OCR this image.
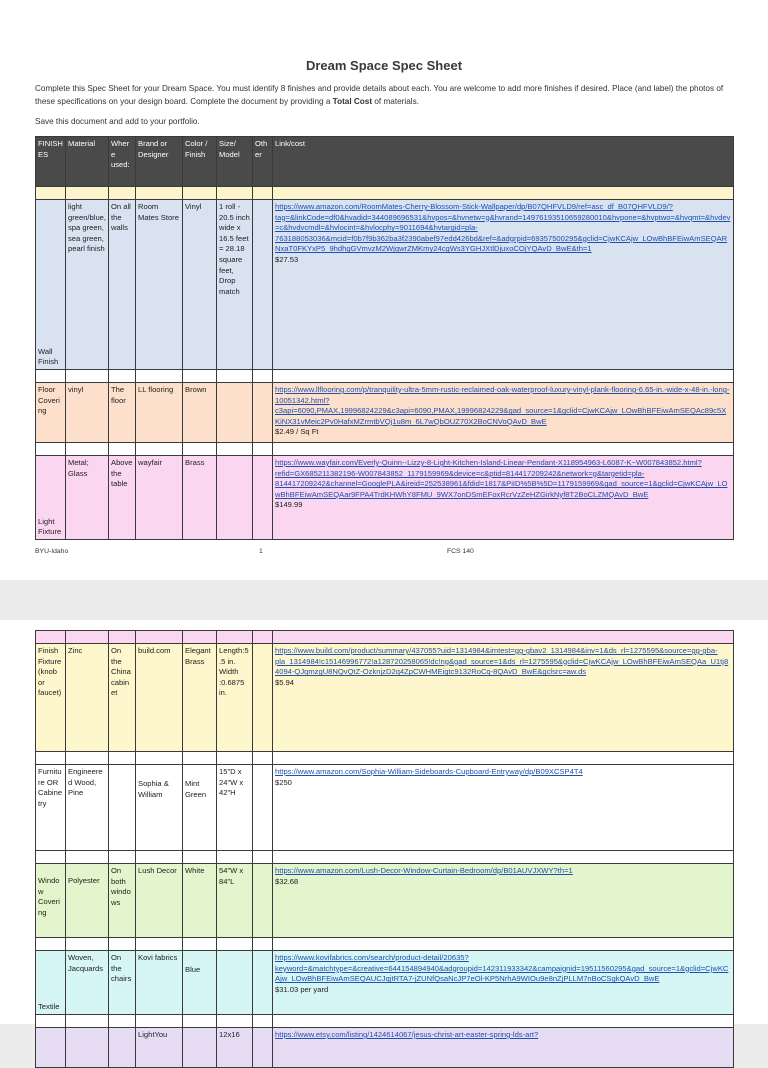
Dream Space Spec Sheet
Complete this Spec Sheet for your Dream Space. You must identify 8 finishes and provide details about each. You are welcome to add more finishes if desired. Place (and label) the photos of these specifications on your design board. Complete the document by providing a Total Cost of materials.
Save this document and add to your portfolio.
FINISHES	Material	Where used:	Brand or Designer	Color / Finish	Size/ Model	Other	Link/cost

Wall Finish	light green/blue, spa green, sea green, pearl finish	On all the walls	Room Mates Store	Vinyl	1 roll - 20.5 inch wide x 16.5 feet = 28.18 square feet, Drop match		https://www.amazon.com/RoomMates-Cherry-Blossom-Stick-Wallpaper/dp/B07QHFVLD9/ref=asc_df_B07QHFVLD9/?tag=&linkCode=df0&hvadid=344089696531&hvpos=&hvnetw=g&hvrand=14976193510659280010&hvpone=&hvptwo=&hvqmt=&hvdev=c&hvdvcmdl=&hvlocint=&hvlocphy=9011694&hvtargid=pla-763188053036&mcid=f0b7f9b362ba3f2390abef97edd426bd&ref=&adgrpid=69357500295&gclid=CjwKCAjw_LOwBhBFEiwAmSEQARNxaT0FKYxP5_9hdhgGVmvzM2WjqwrZMKmy24cgWs3YGHJXtlDjuxoCOjYQAvD_BwE&th=1
$27.53

Floor Covering	vinyl	The floor	LL flooring	Brown			https://www.llflooring.com/p/tranquility-ultra-5mm-rustic-reclaimed-oak-waterproof-luxury-vinyl-plank-flooring-6.65-in.-wide-x-48-in.-long-10051342.html?c3api=6090,PMAX,19996824229&c3api=6090,PMAX,19996824229&gad_source=1&gclid=CjwKCAjw_LOwBhBFEiwAmSEQAc89c5XKiNX31vMeic2Pv0HafxMZrmtbVQj1u8m_6L7wQbOUZ70X2BoCNVoQAvD_BwE
$2.49 / Sq Ft

Light Fixture	Metal; Glass	Above the table	wayfair	Brass			https://www.wayfair.com/Everly-Quinn--Lizzy-8-Light-Kitchen-Island-Linear-Pendant-X118954963-L6087-K~W007843852.html?refid=GX685211382196-W007843852_1179159969&device=c&ptid=814417209242&network=g&targetid=pla-814417209242&channel=GooglePLA&ireid=252538961&fdid=1817&PiID%5B%5D=1179159969&gad_source=1&gclid=CjwKCAjw_LOwBhBFEiwAmSEQAar9FPA4TrdKHWhY8FMU_9WX7onDSmEFoxRcrVzZeHZGirkNyf8T2BoCLZMQAvD_BwE
$149.99
BYU-Idaho	1	FCS 140

Finish Fixture (knob or faucet)	Zinc	On the China cabinet	build.com	Elegant Brass	Length:5.5 in. Width :0.6875 in.		https://www.build.com/product/summary/437055?uid=1314984&imtest=gg-gbav2_1314984&inv=1&ds_rl=1275595&source=gg-gba-pla_1314984!c15146996772!a128720258065!dc!ng&gad_source=1&ds_rl=1275595&gclid=CjwKCAjw_LOwBhBFEiwAmSEQAa_U1tj84094-QJqmzgU8NQvQtZ-OzknjzD2q4ZpCWHMEigtc9132RoCq-8QAvD_BwE&gclsrc=aw.ds
$5.94

Furniture OR Cabinetry	Engineered Wood, Pine		Sophia & William	Mint Green	15"D x 24"W x 42"H		https://www.amazon.com/Sophia-William-Sideboards-Cupboard-Entryway/dp/B09XCSP4T4
$250

Window Covering	Polyester	On both windows	Lush Decor	White	54"W x 84"L		https://www.amazon.com/Lush-Decor-Window-Curtain-Bedroom/dp/B01AUVJXWY?th=1
$32.68

Textile	Woven, Jacquards	On the chairs	Kovi fabrics	Blue			https://www.kovifabrics.com/search/product-detail/20635?keyword=&matchtype=&creative=644154894940&adgroupid=142311933342&campaignid=19511560295&gad_source=1&gclid=CjwKCAjw_LOwBhBFEiwAmSEQAUCJqjtRTA7-jZUNfQsaNcJP7eOl-KP5NrhA9WIOu9e8nZjPLLM7nBoCSgkQAvD_BwE
$31.03 per yard

			LightYou		12x16		https://www.etsy.com/listing/1424614067/jesus-christ-art-easter-spring-lds-art?
